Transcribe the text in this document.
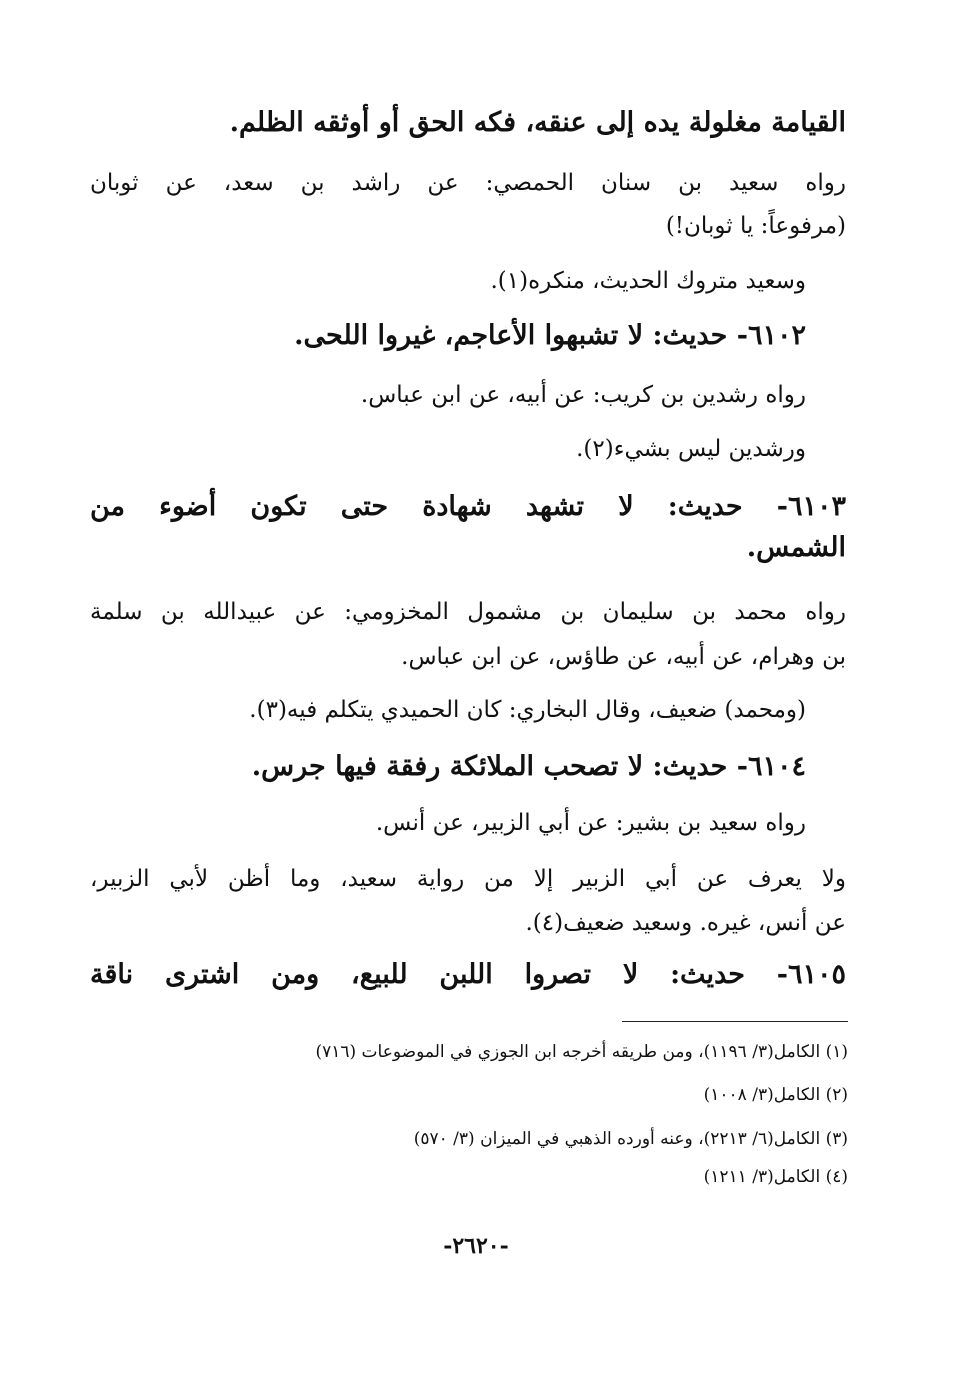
القيامة مغلولة يده إلى عنقه، فكه الحق أو أوثقه الظلم.
رواه سعيد بن سنان الحمصي: عن راشد بن سعد، عن ثوبان
(مرفوعاً: يا ثوبان!)
وسعيد متروك الحديث، منكره(١).
٦١٠٢- حديث: لا تشبهوا الأعاجم، غيروا اللحى.
رواه رشدين بن كريب: عن أبيه، عن ابن عباس.
ورشدين ليس بشيء(٢).
٦١٠٣- حديث: لا تشهد شهادة حتى تكون أضوء من
الشمس.
رواه محمد بن سليمان بن مشمول المخزومي: عن عبيدالله بن سلمة
بن وهرام، عن أبيه، عن طاؤس، عن ابن عباس.
(ومحمد) ضعيف، وقال البخاري: كان الحميدي يتكلم فيه(٣).
٦١٠٤- حديث: لا تصحب الملائكة رفقة فيها جرس.
رواه سعيد بن بشير: عن أبي الزبير، عن أنس.
ولا يعرف عن أبي الزبير إلا من رواية سعيد، وما أظن لأبي الزبير،
عن أنس، غيره. وسعيد ضعيف(٤).
٦١٠٥- حديث: لا تصروا اللبن للبيع، ومن اشترى ناقة
(١) الكامل(٣/ ١١٩٦)، ومن طريقه أخرجه ابن الجوزي في الموضوعات (٧١٦)
(٢) الكامل(٣/ ١٠٠٨)
(٣) الكامل(٦/ ٢٢١٣)، وعنه أورده الذهبي في الميزان (٣/ ٥٧٠)
(٤) الكامل(٣/ ١٢١١)
-٢٦٢٠-
